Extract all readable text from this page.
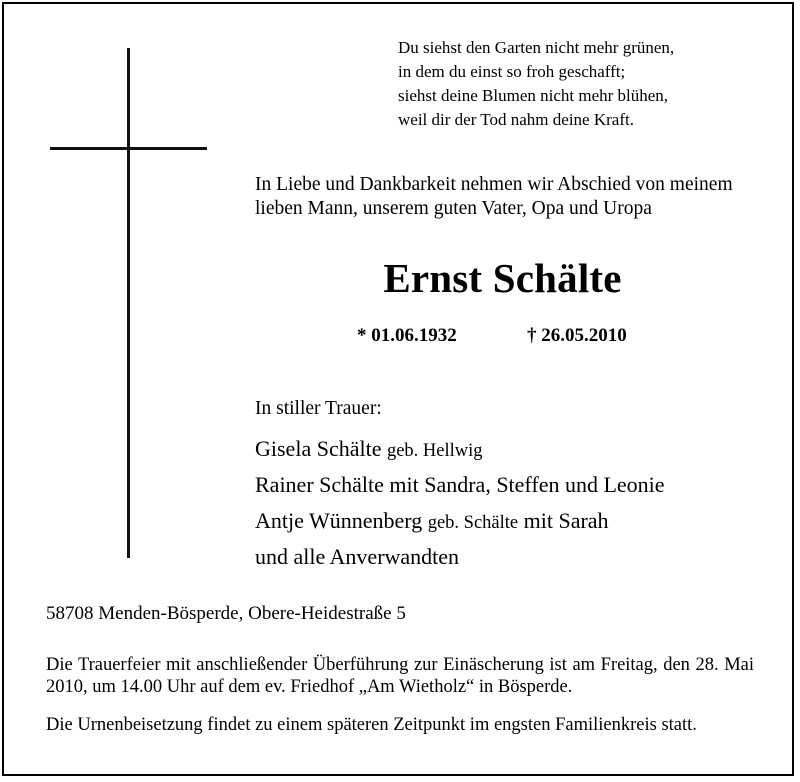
Du siehst den Garten nicht mehr grünen,
in dem du einst so froh geschafft;
siehst deine Blumen nicht mehr blühen,
weil dir der Tod nahm deine Kraft.
In Liebe und Dankbarkeit nehmen wir Abschied von meinem lieben Mann, unserem guten Vater, Opa und Uropa
Ernst Schälte
* 01.06.1932	† 26.05.2010
In stiller Trauer:
Gisela Schälte geb. Hellwig
Rainer Schälte mit Sandra, Steffen und Leonie
Antje Wünnenberg geb. Schälte mit Sarah
und alle Anverwandten
58708 Menden-Bösperde, Obere-Heidestraße 5
Die Trauerfeier mit anschließender Überführung zur Einäscherung ist am Freitag, den 28. Mai 2010, um 14.00 Uhr auf dem ev. Friedhof „Am Wietholz“ in Bösperde.
Die Urnenbeisetzung findet zu einem späteren Zeitpunkt im engsten Familienkreis statt.
